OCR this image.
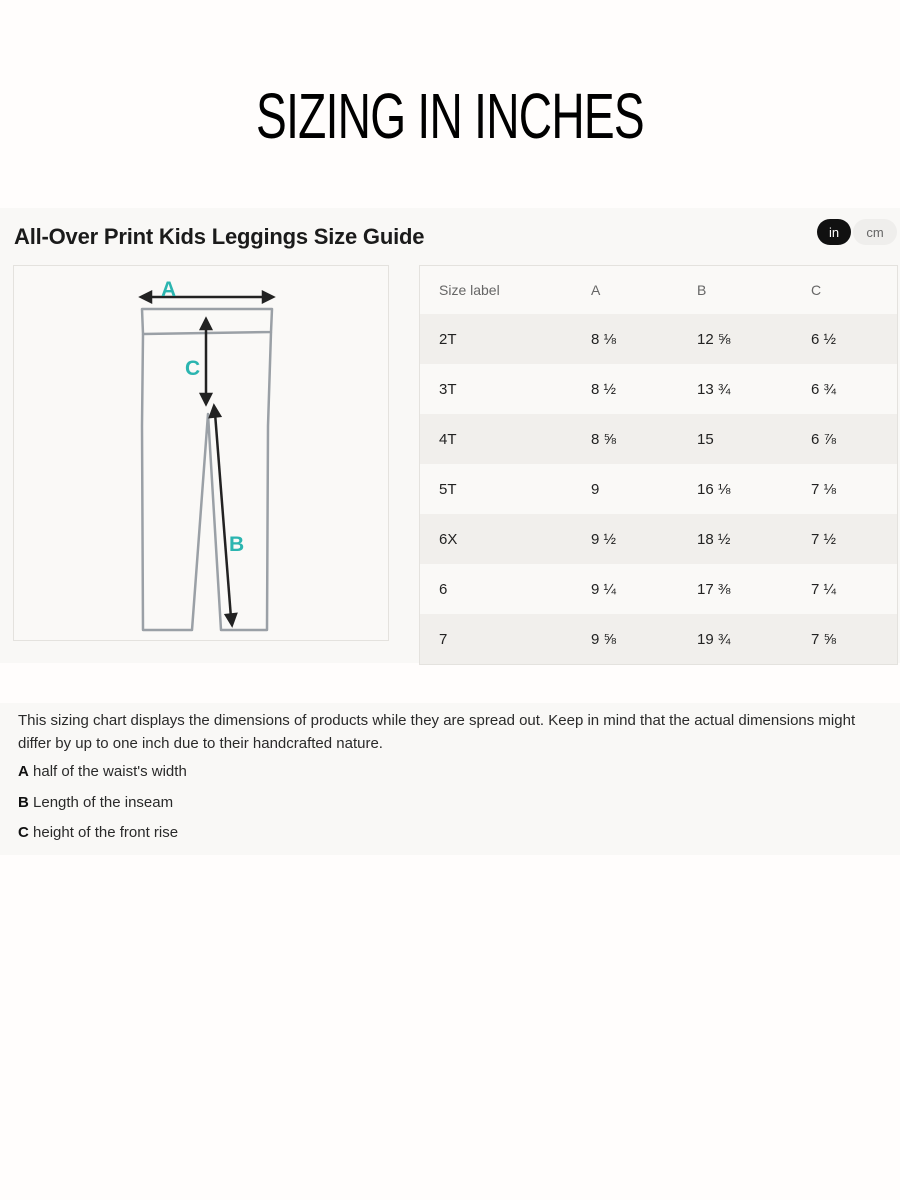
SIZING IN INCHES
All-Over Print Kids Leggings Size Guide	in	cm
A
C
B
Size label	A	B	C
2T	8 ⅛	12 ⅝	6 ½
3T	8 ½	13 ¾	6 ¾
4T	8 ⅝	15	6 ⅞
5T	9	16 ⅛	7 ⅛
6X	9 ½	18 ½	7 ½
6	9 ¼	17 ⅜	7 ¼
7	9 ⅝	19 ¾	7 ⅝
This sizing chart displays the dimensions of products while they are spread out. Keep in mind that the actual dimensions might differ by up to one inch due to their handcrafted nature.
A half of the waist's width
B Length of the inseam
C height of the front rise
